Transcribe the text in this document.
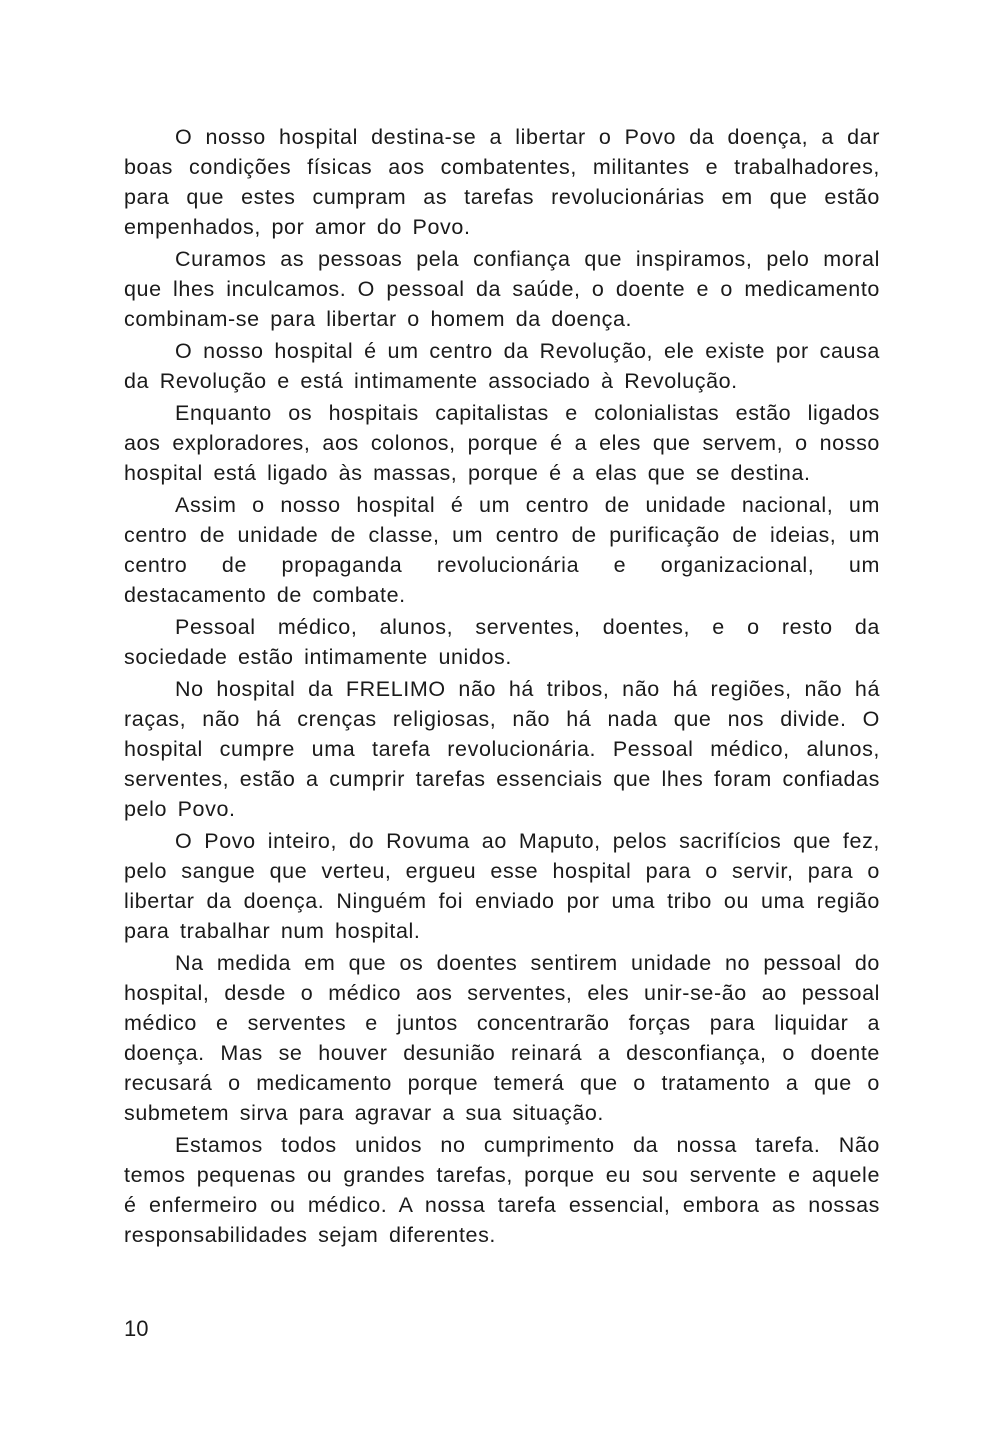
O nosso hospital destina-se a libertar o Povo da doença, a dar boas condições físicas aos combatentes, militantes e trabalhadores, para que estes cumpram as tarefas revolucionárias em que estão empenhados, por amor do Povo.

Curamos as pessoas pela confiança que inspiramos, pelo moral que lhes inculcamos. O pessoal da saúde, o doente e o medicamento combinam-se para libertar o homem da doença.

O nosso hospital é um centro da Revolução, ele existe por causa da Revolução e está intimamente associado à Revolução.

Enquanto os hospitais capitalistas e colonialistas estão ligados aos exploradores, aos colonos, porque é a eles que servem, o nosso hospital está ligado às massas, porque é a elas que se destina.

Assim o nosso hospital é um centro de unidade nacional, um centro de unidade de classe, um centro de purificação de ideias, um centro de propaganda revolucionária e organizacional, um destacamento de combate.

Pessoal médico, alunos, serventes, doentes, e o resto da sociedade estão intimamente unidos.

No hospital da FRELIMO não há tribos, não há regiões, não há raças, não há crenças religiosas, não há nada que nos divide. O hospital cumpre uma tarefa revolucionária. Pessoal médico, alunos, serventes, estão a cumprir tarefas essenciais que lhes foram confiadas pelo Povo.

O Povo inteiro, do Rovuma ao Maputo, pelos sacrifícios que fez, pelo sangue que verteu, ergueu esse hospital para o servir, para o libertar da doença. Ninguém foi enviado por uma tribo ou uma região para trabalhar num hospital.

Na medida em que os doentes sentirem unidade no pessoal do hospital, desde o médico aos serventes, eles unir-se-ão ao pessoal médico e serventes e juntos concentrarão forças para liquidar a doença. Mas se houver desunião reinará a desconfiança, o doente recusará o medicamento porque temerá que o tratamento a que o submetem sirva para agravar a sua situação.

Estamos todos unidos no cumprimento da nossa tarefa. Não temos pequenas ou grandes tarefas, porque eu sou servente e aquele é enfermeiro ou médico. A nossa tarefa essencial, embora as nossas responsabilidades sejam diferentes.

10
